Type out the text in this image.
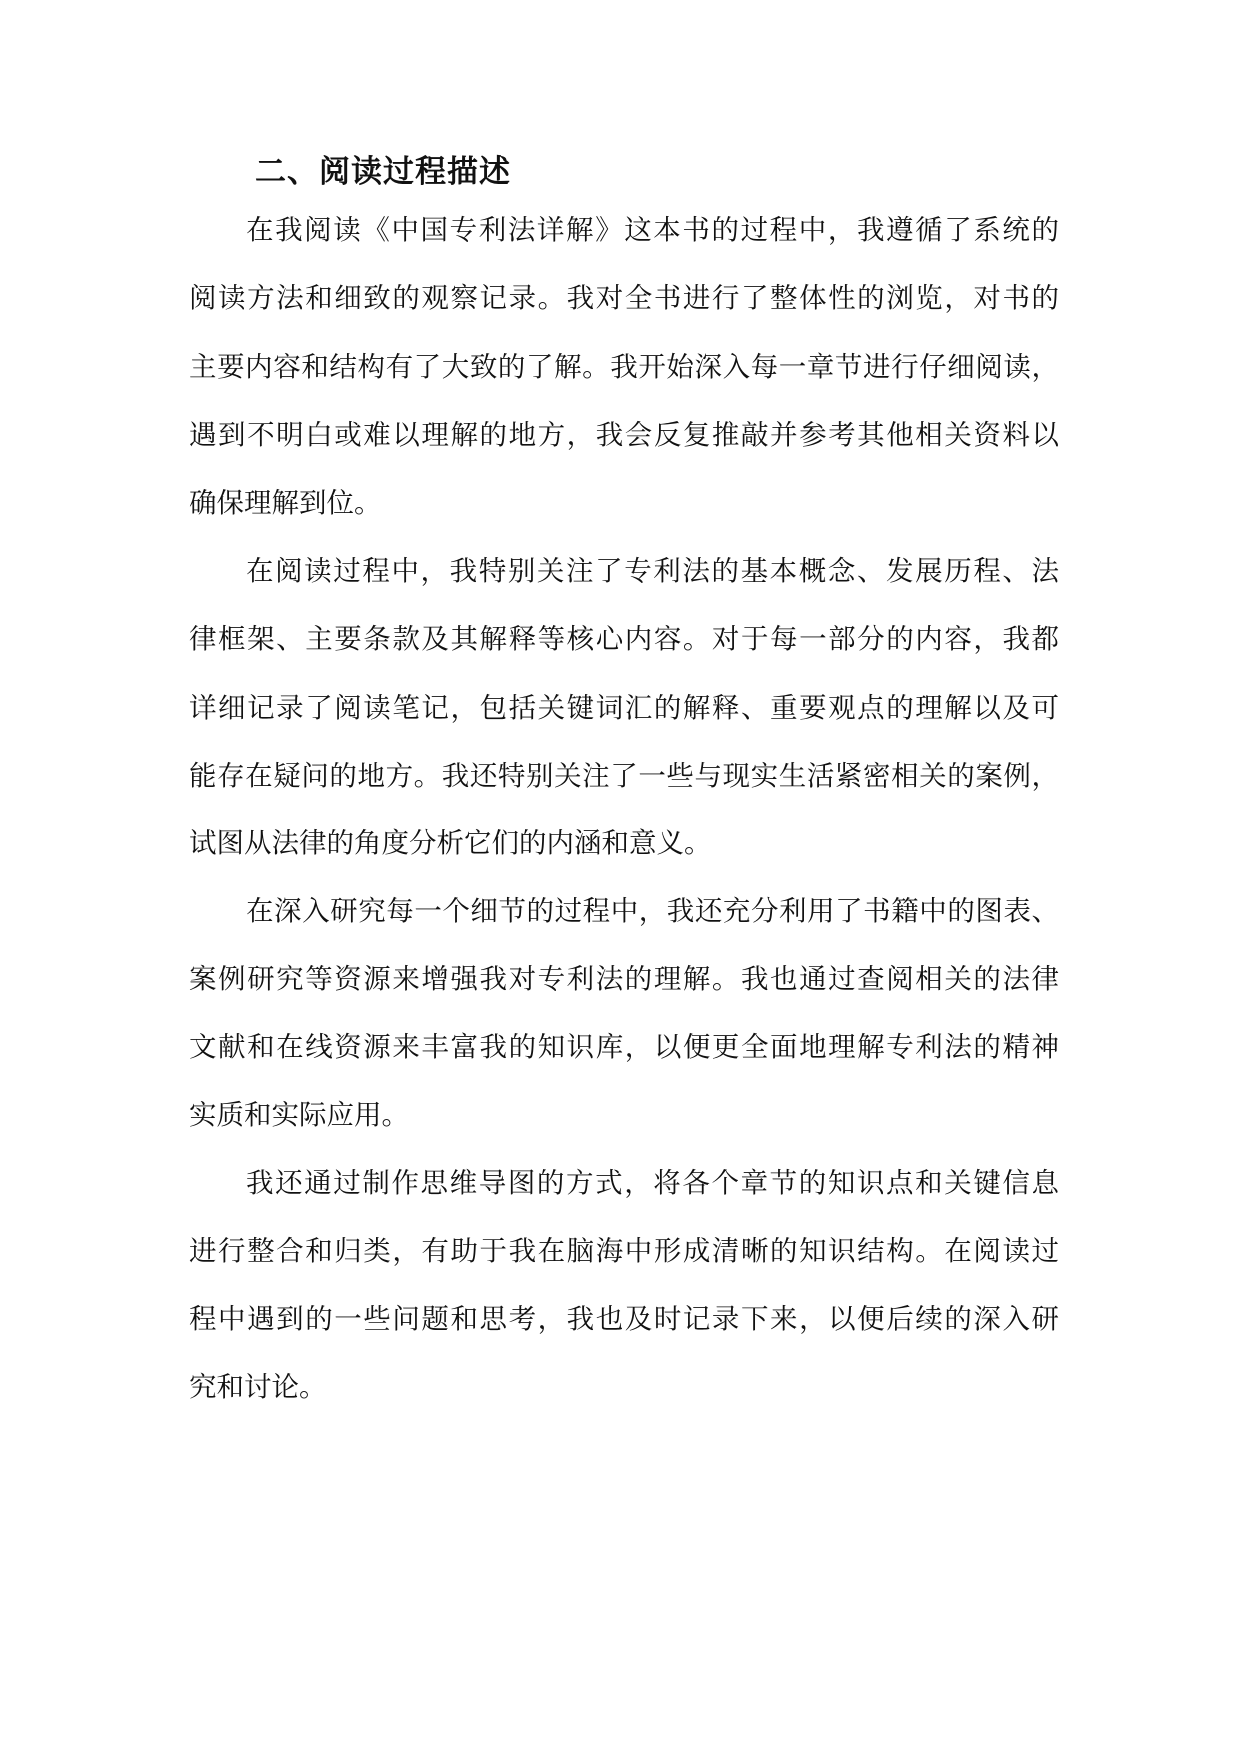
二、阅读过程描述

在我阅读《中国专利法详解》这本书的过程中，我遵循了系统的

阅读方法和细致的观察记录。我对全书进行了整体性的浏览，对书的

主要内容和结构有了大致的了解。我开始深入每一章节进行仔细阅读，

遇到不明白或难以理解的地方，我会反复推敲并参考其他相关资料以

确保理解到位。

在阅读过程中，我特别关注了专利法的基本概念、发展历程、法

律框架、主要条款及其解释等核心内容。对于每一部分的内容，我都

详细记录了阅读笔记，包括关键词汇的解释、重要观点的理解以及可

能存在疑问的地方。我还特别关注了一些与现实生活紧密相关的案例，

试图从法律的角度分析它们的内涵和意义。

在深入研究每一个细节的过程中，我还充分利用了书籍中的图表、

案例研究等资源来增强我对专利法的理解。我也通过查阅相关的法律

文献和在线资源来丰富我的知识库，以便更全面地理解专利法的精神

实质和实际应用。

我还通过制作思维导图的方式，将各个章节的知识点和关键信息

进行整合和归类，有助于我在脑海中形成清晰的知识结构。在阅读过

程中遇到的一些问题和思考，我也及时记录下来，以便后续的深入研

究和讨论。
